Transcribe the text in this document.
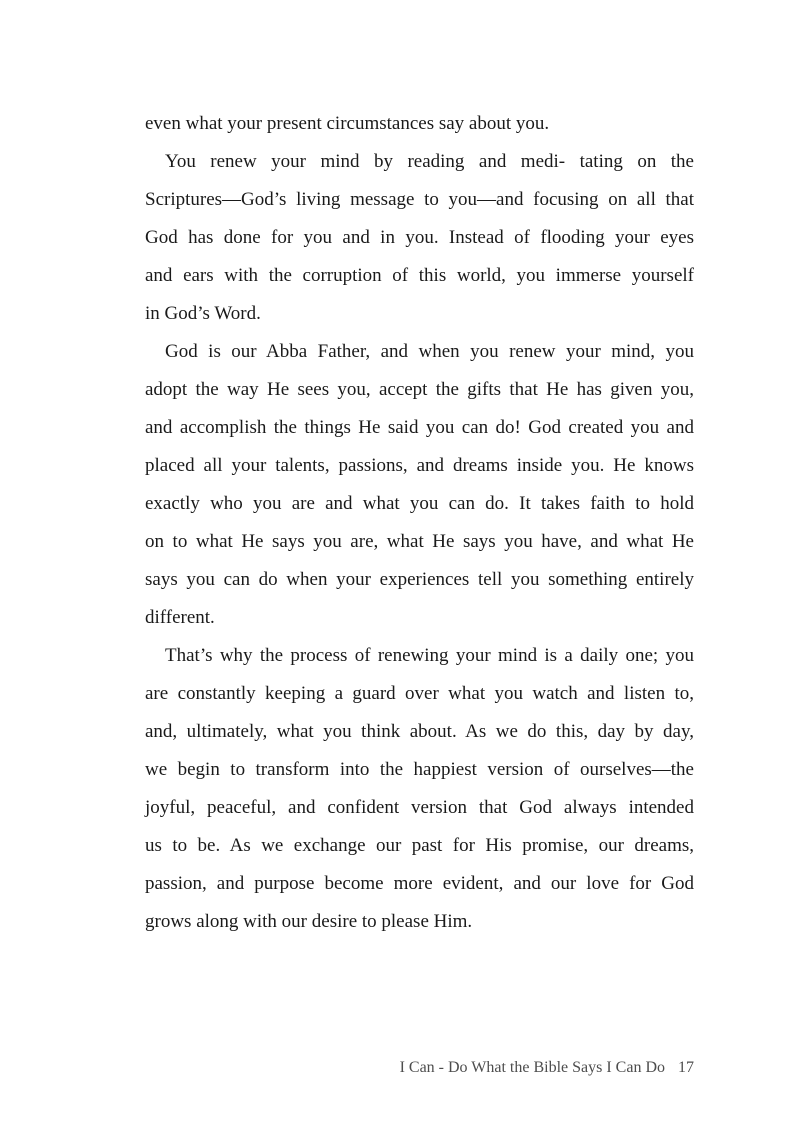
even what your present circumstances say about you.
You renew your mind by reading and medi- tating on the
Scriptures—God’s living message to you—and focusing on all that
God has done for you and in you. Instead of flooding your eyes
and ears with the corruption of this world, you immerse yourself
in God’s Word.
God is our Abba Father, and when you renew your mind, you
adopt the way He sees you, accept the gifts that He has given you,
and accomplish the things He said you can do! God created you and
placed all your talents, passions, and dreams inside you. He knows
exactly who you are and what you can do. It takes faith to hold
on to what He says you are, what He says you have, and what He
says you can do when your experiences tell you something entirely
different.
That’s why the process of renewing your mind is a daily one; you
are constantly keeping a guard over what you watch and listen to,
and, ultimately, what you think about. As we do this, day by day,
we begin to transform into the happiest version of ourselves—the
joyful, peaceful, and confident version that God always intended
us to be. As we exchange our past for His promise, our dreams,
passion, and purpose become more evident, and our love for God
grows along with our desire to please Him.
I Can - Do What the Bible Says I Can Do 17
